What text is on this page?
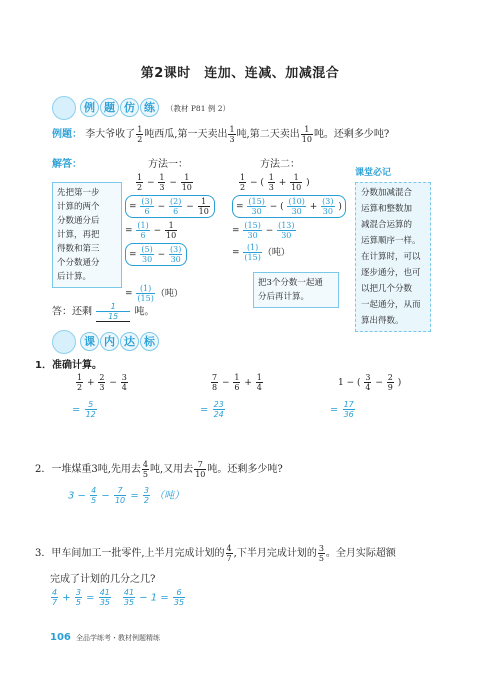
第2课时　连加、连减、加减混合
例 题 仿 练	（教材 P81 例 2）
例题： 李大爷收了 $\frac{1}{2}$ 吨西瓜,第一天卖出 $\frac{1}{3}$ 吨,第二天卖出 $\frac{1}{10}$ 吨。还剩多少吨?
解答：	方法一：	方法二：
先把第一步
计算的两个
分数通分后
计算，再把
得数和第三
个分数通分
后计算。
$\frac{1}{2} - \frac{1}{3} - \frac{1}{10}$
= $\frac{(3)}{6} - \frac{(2)}{6} - \frac{1}{10}$
= $\frac{(1)}{6} - \frac{1}{10}$
= $\frac{(5)}{30} - \frac{(3)}{30}$
= $\frac{(1)}{(15)}$ （吨）
$\frac{1}{2}$ − ( $\frac{1}{3} + \frac{1}{10}$ )
= $\frac{(15)}{30}$ − ( $\frac{(10)}{30} + \frac{(3)}{30}$ )
= $\frac{(15)}{30} - \frac{(13)}{30}$
= $\frac{(1)}{(15)}$ （吨）
把3个分数一起通
分后再计算。
答：还剩 $\frac{1}{15}$ 吨。
课堂必记
分数加减混合
运算和整数加
减混合运算的
运算顺序一样。
在计算时，可以
逐步通分，也可
以把几个分数
一起通分，从而
算出得数。
课 内 达 标
1．准确计算。
$\frac{1}{2} + \frac{2}{3} - \frac{3}{4}$	$\frac{7}{8} - \frac{1}{6} + \frac{1}{4}$	1 − ( $\frac{3}{4} - \frac{2}{9}$ )
= $\frac{5}{12}$	= $\frac{23}{24}$	= $\frac{17}{36}$
2．一堆煤重3吨,先用去 $\frac{4}{5}$ 吨,又用去 $\frac{7}{10}$ 吨。还剩多少吨?
$3 - \frac{4}{5} - \frac{7}{10} = \frac{3}{2}$ （吨）
3．甲车间加工一批零件,上半月完成计划的 $\frac{4}{7}$ ,下半月完成计划的 $\frac{3}{5}$ 。全月实际超额
完成了计划的几分之几?
$\frac{4}{7} + \frac{3}{5} = \frac{41}{35}$
　 $\frac{41}{35} - 1 = \frac{6}{35}$
106 全品学练考・教材例题精练
